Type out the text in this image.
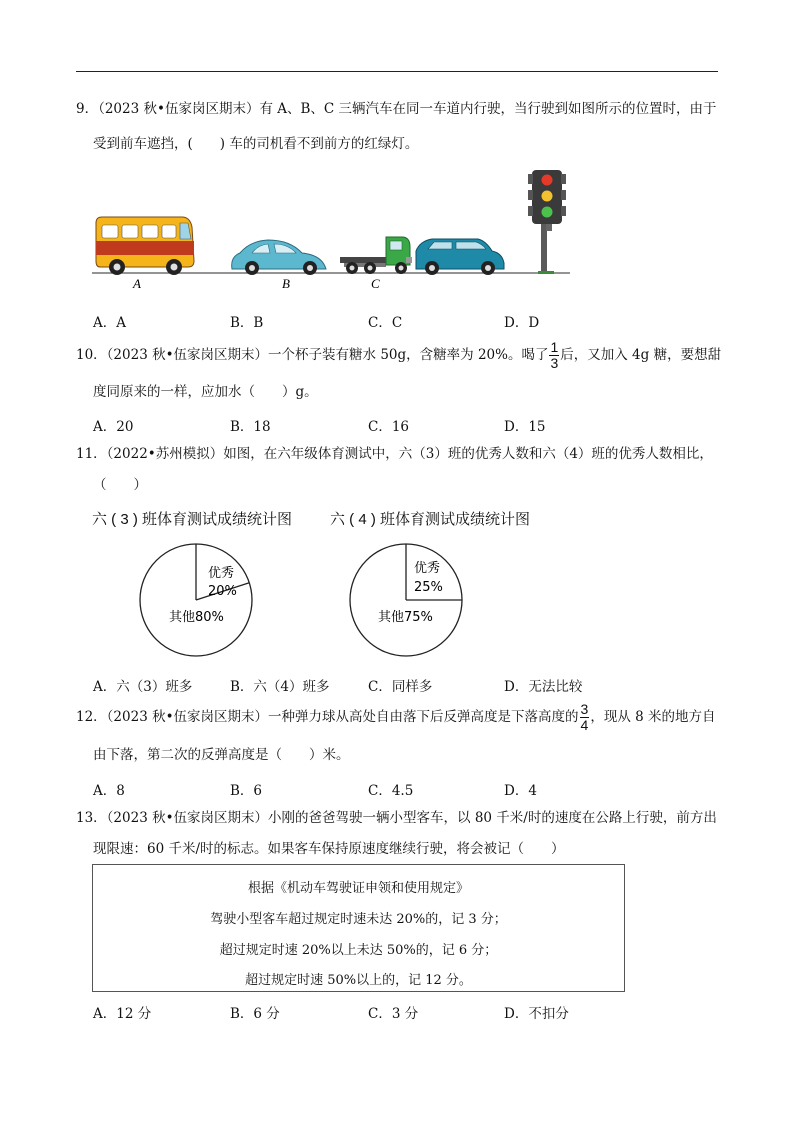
9．（2023 秋•伍家岗区期末）有 A、B、C 三辆汽车在同一车道内行驶，当行驶到如图所示的位置时，由于
受到前车遮挡，(　　) 车的司机看不到前方的红绿灯。
A	B	C
A．A	B．B	C．C	D．D
10．（2023 秋•伍家岗区期末）一个杯子装有糖水 50g，含糖率为 20%。喝了 $\frac{1}{3}$ 后，又加入 4g 糖，要想甜
度同原来的一样，应加水（　　）g。
A．20	B．18	C．16	D．15
11．（2022•苏州模拟）如图，在六年级体育测试中，六（3）班的优秀人数和六（4）班的优秀人数相比，
（　　）
六 ( 3 ) 班体育测试成绩统计图	六 ( 4 ) 班体育测试成绩统计图
优秀
20%
其他80%
优秀
25%
其他75%
A．六（3）班多	B．六（4）班多	C．同样多	D．无法比较
12．（2023 秋•伍家岗区期末）一种弹力球从高处自由落下后反弹高度是下落高度的 $\frac{3}{4}$ ，现从 8 米的地方自
由下落，第二次的反弹高度是（　　）米。
A．8	B．6	C．4.5	D．4
13．（2023 秋•伍家岗区期末）小刚的爸爸驾驶一辆小型客车，以 80 千米/时的速度在公路上行驶，前方出
现限速：60 千米/时的标志。如果客车保持原速度继续行驶，将会被记（　　）
根据《机动车驾驶证申领和使用规定》
驾驶小型客车超过规定时速未达 20%的，记 3 分；
超过规定时速 20%以上未达 50%的，记 6 分；
超过规定时速 50%以上的，记 12 分。
A．12 分	B．6 分	C．3 分	D．不扣分
